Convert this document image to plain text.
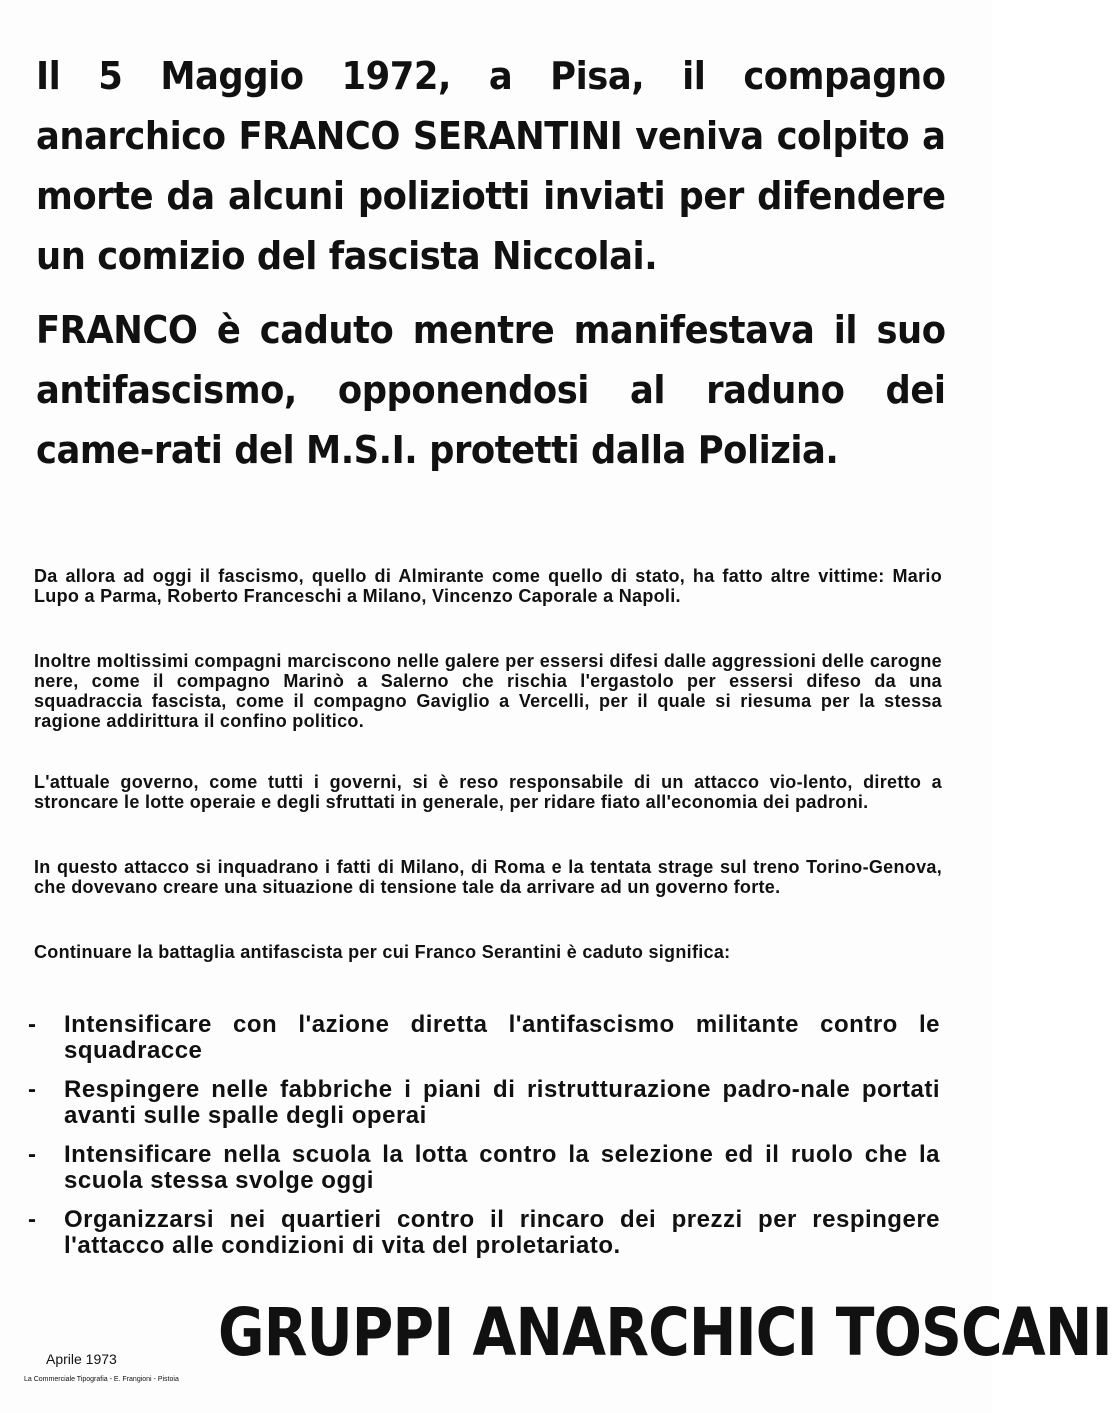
Il 5 Maggio 1972, a Pisa, il compagno anarchico FRANCO SERANTINI veniva colpito a morte da alcuni poliziotti inviati per difendere un comizio del fascista Niccolai.

FRANCO è caduto mentre manifestava il suo antifascismo, opponendosi al raduno dei came-rati del M.S.I. protetti dalla Polizia.

Da allora ad oggi il fascismo, quello di Almirante come quello di stato, ha fatto altre vittime: Mario Lupo a Parma, Roberto Franceschi a Milano, Vincenzo Caporale a Napoli.

Inoltre moltissimi compagni marciscono nelle galere per essersi difesi dalle aggressioni delle carogne nere, come il compagno Marinò a Salerno che rischia l'ergastolo per essersi difeso da una squadraccia fascista, come il compagno Gaviglio a Vercelli, per il quale si riesuma per la stessa ragione addirittura il confino politico.

L'attuale governo, come tutti i governi, si è reso responsabile di un attacco vio-lento, diretto a stroncare le lotte operaie e degli sfruttati in generale, per ridare fiato all'economia dei padroni.

In questo attacco si inquadrano i fatti di Milano, di Roma e la tentata strage sul treno Torino-Genova, che dovevano creare una situazione di tensione tale da arrivare ad un governo forte.

Continuare la battaglia antifascista per cui Franco Serantini è caduto significa:

- Intensificare con l'azione diretta l'antifascismo militante contro le squadracce
- Respingere nelle fabbriche i piani di ristrutturazione padro-nale portati avanti sulle spalle degli operai
- Intensificare nella scuola la lotta contro la selezione ed il ruolo che la scuola stessa svolge oggi
- Organizzarsi nei quartieri contro il rincaro dei prezzi per respingere l'attacco alle condizioni di vita del proletariato.
Aprile 1973
La Commerciale Tipografia - E. Frangioni - Pistoia
GRUPPI ANARCHICI TOSCANI
